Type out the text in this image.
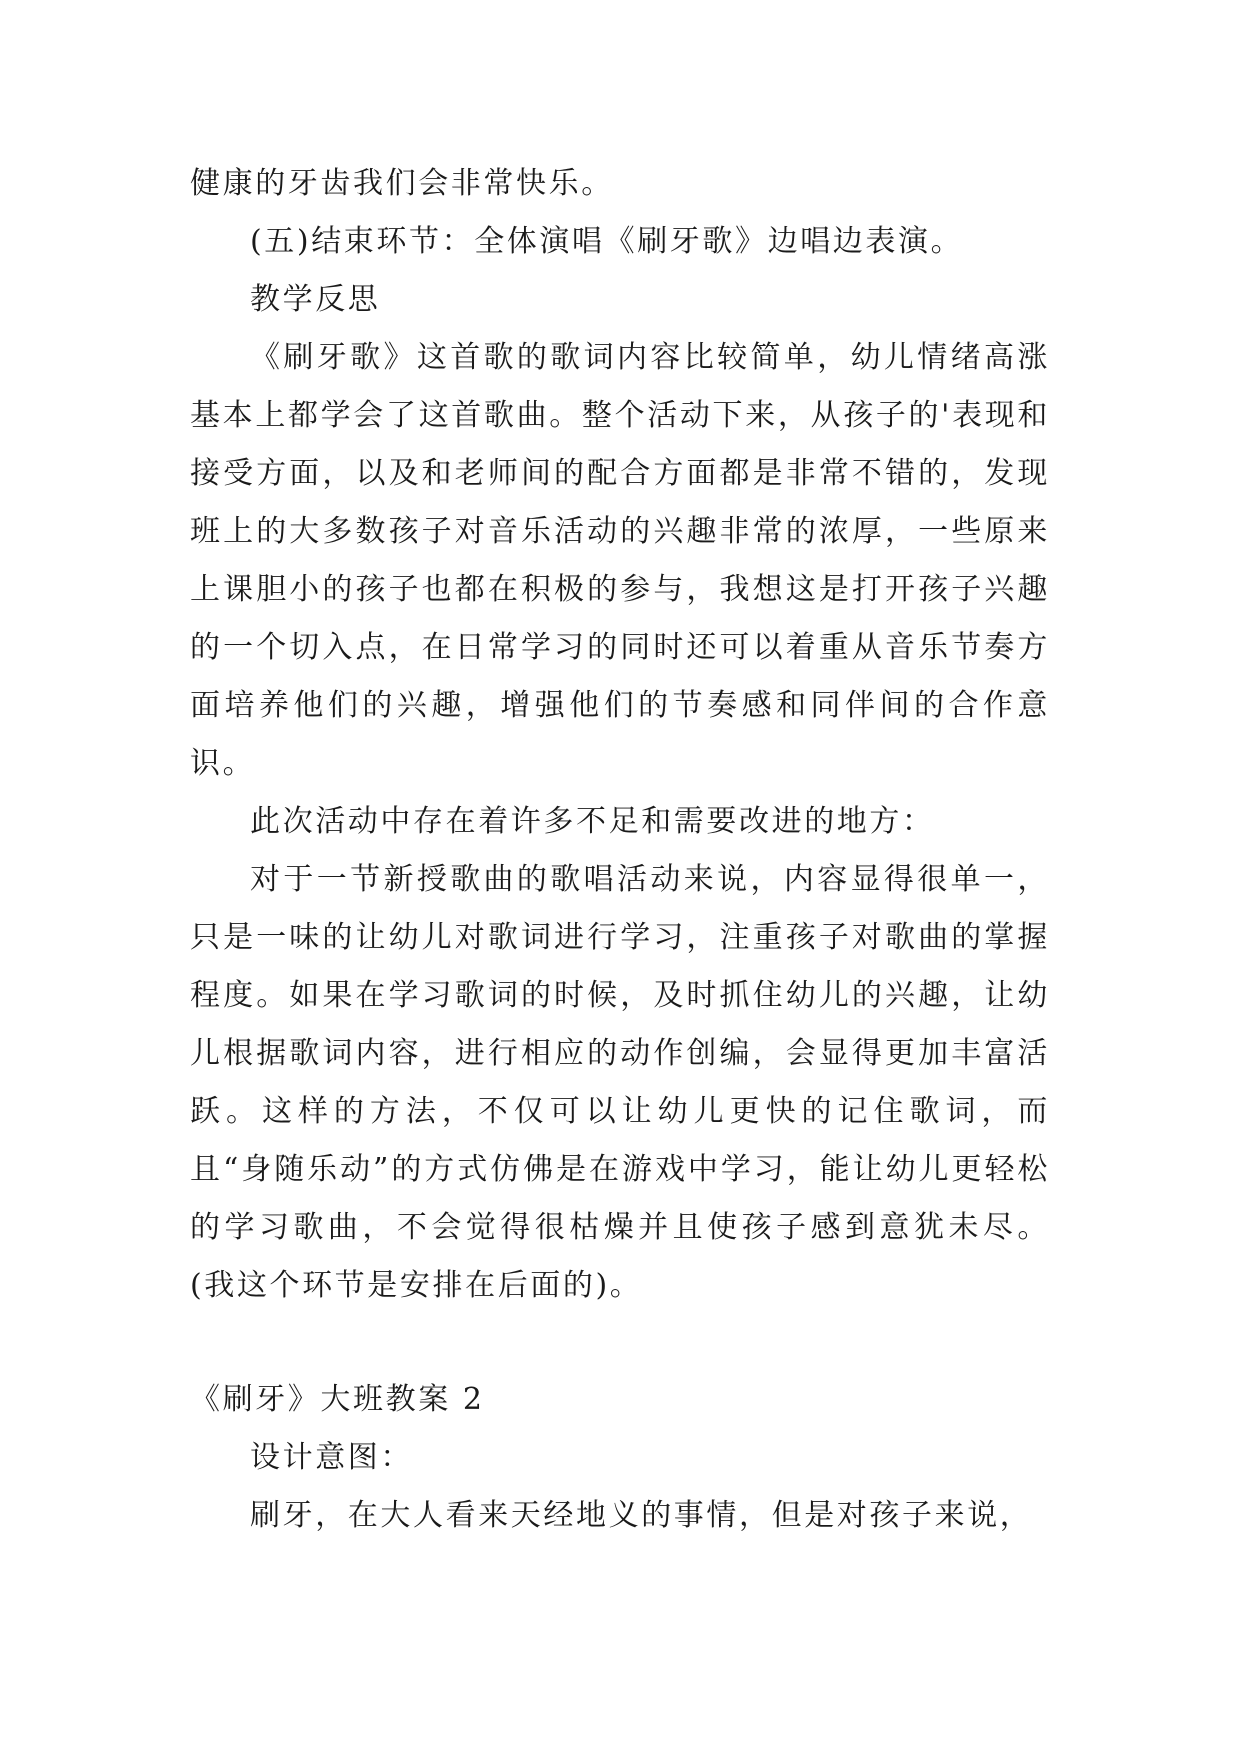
健康的牙齿我们会非常快乐。

(五)结束环节：全体演唱《刷牙歌》边唱边表演。

教学反思

《刷牙歌》这首歌的歌词内容比较简单，幼儿情绪高涨基本上都学会了这首歌曲。整个活动下来，从孩子的'表现和接受方面，以及和老师间的配合方面都是非常不错的，发现班上的大多数孩子对音乐活动的兴趣非常的浓厚，一些原来上课胆小的孩子也都在积极的参与，我想这是打开孩子兴趣的一个切入点，在日常学习的同时还可以着重从音乐节奏方面培养他们的兴趣，增强他们的节奏感和同伴间的合作意识。

此次活动中存在着许多不足和需要改进的地方：

对于一节新授歌曲的歌唱活动来说，内容显得很单一，只是一味的让幼儿对歌词进行学习，注重孩子对歌曲的掌握程度。如果在学习歌词的时候，及时抓住幼儿的兴趣，让幼儿根据歌词内容，进行相应的动作创编，会显得更加丰富活跃。这样的方法，不仅可以让幼儿更快的记住歌词，而且“身随乐动”的方式仿佛是在游戏中学习，能让幼儿更轻松的学习歌曲，不会觉得很枯燥并且使孩子感到意犹未尽。(我这个环节是安排在后面的)。

《刷牙》大班教案 2

设计意图：

刷牙，在大人看来天经地义的事情，但是对孩子来说，
